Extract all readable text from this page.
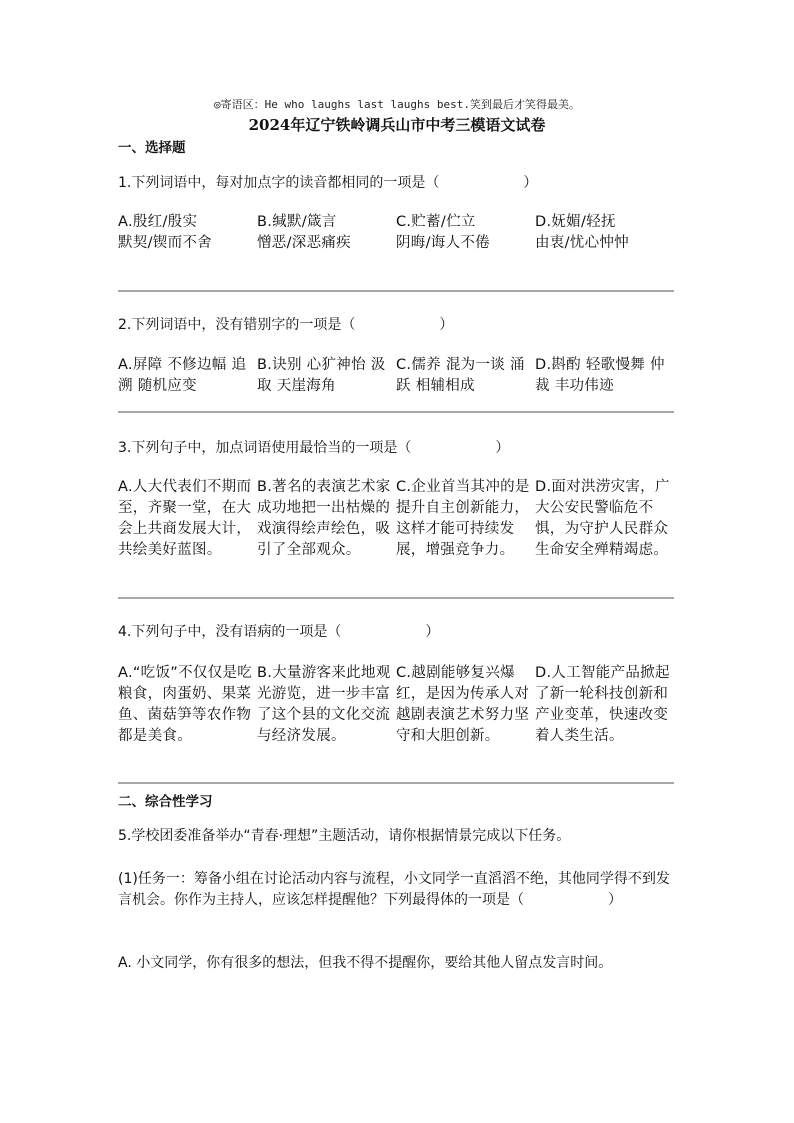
◎寄语区：He who laughs last laughs best.笑到最后才笑得最美。
2024年辽宁铁岭调兵山市中考三模语文试卷
一、选择题
1.下列词语中，每对加点字的读音都相同的一项是（	）
A.殷红/殷实　　　　　默契/锲而不舍
B.缄默/箴言　　　　　憎恶/深恶痛疾
C.贮蓄/伫立　　　　　阴晦/诲人不倦
D.妩媚/轻抚　　　　　由衷/忧心忡忡
2.下列词语中，没有错别字的一项是（	）
A.屏障 不修边幅 追溯 随机应变
B.诀别 心犷神怡 汲取 天崖海角
C.儒养 混为一谈 涌跃 相辅相成
D.斟酌 轻歌慢舞 仲裁 丰功伟迹
3.下列句子中，加点词语使用最恰当的一项是（	）
A.人大代表们不期而至，齐聚一堂，在大会上共商发展大计，共绘美好蓝图。
B.著名的表演艺术家成功地把一出枯燥的戏演得绘声绘色，吸引了全部观众。
C.企业首当其冲的是提升自主创新能力，这样才能可持续发展，增强竞争力。
D.面对洪涝灾害，广大公安民警临危不惧，为守护人民群众生命安全殚精竭虑。
4.下列句子中，没有语病的一项是（	）
A.“吃饭”不仅仅是吃粮食，肉蛋奶、果菜鱼、菌菇笋等农作物都是美食。
B.大量游客来此地观光游览，进一步丰富了这个县的文化交流与经济发展。
C.越剧能够复兴爆红，是因为传承人对越剧表演艺术努力坚守和大胆创新。
D.人工智能产品掀起了新一轮科技创新和产业变革，快速改变着人类生活。
二、综合性学习
5.学校团委准备举办“青春·理想”主题活动，请你根据情景完成以下任务。
(1)任务一：筹备小组在讨论活动内容与流程，小文同学一直滔滔不绝，其他同学得不到发言机会。你作为主持人，应该怎样提醒他？下列最得体的一项是（	）
A. 小文同学，你有很多的想法，但我不得不提醒你，要给其他人留点发言时间。
